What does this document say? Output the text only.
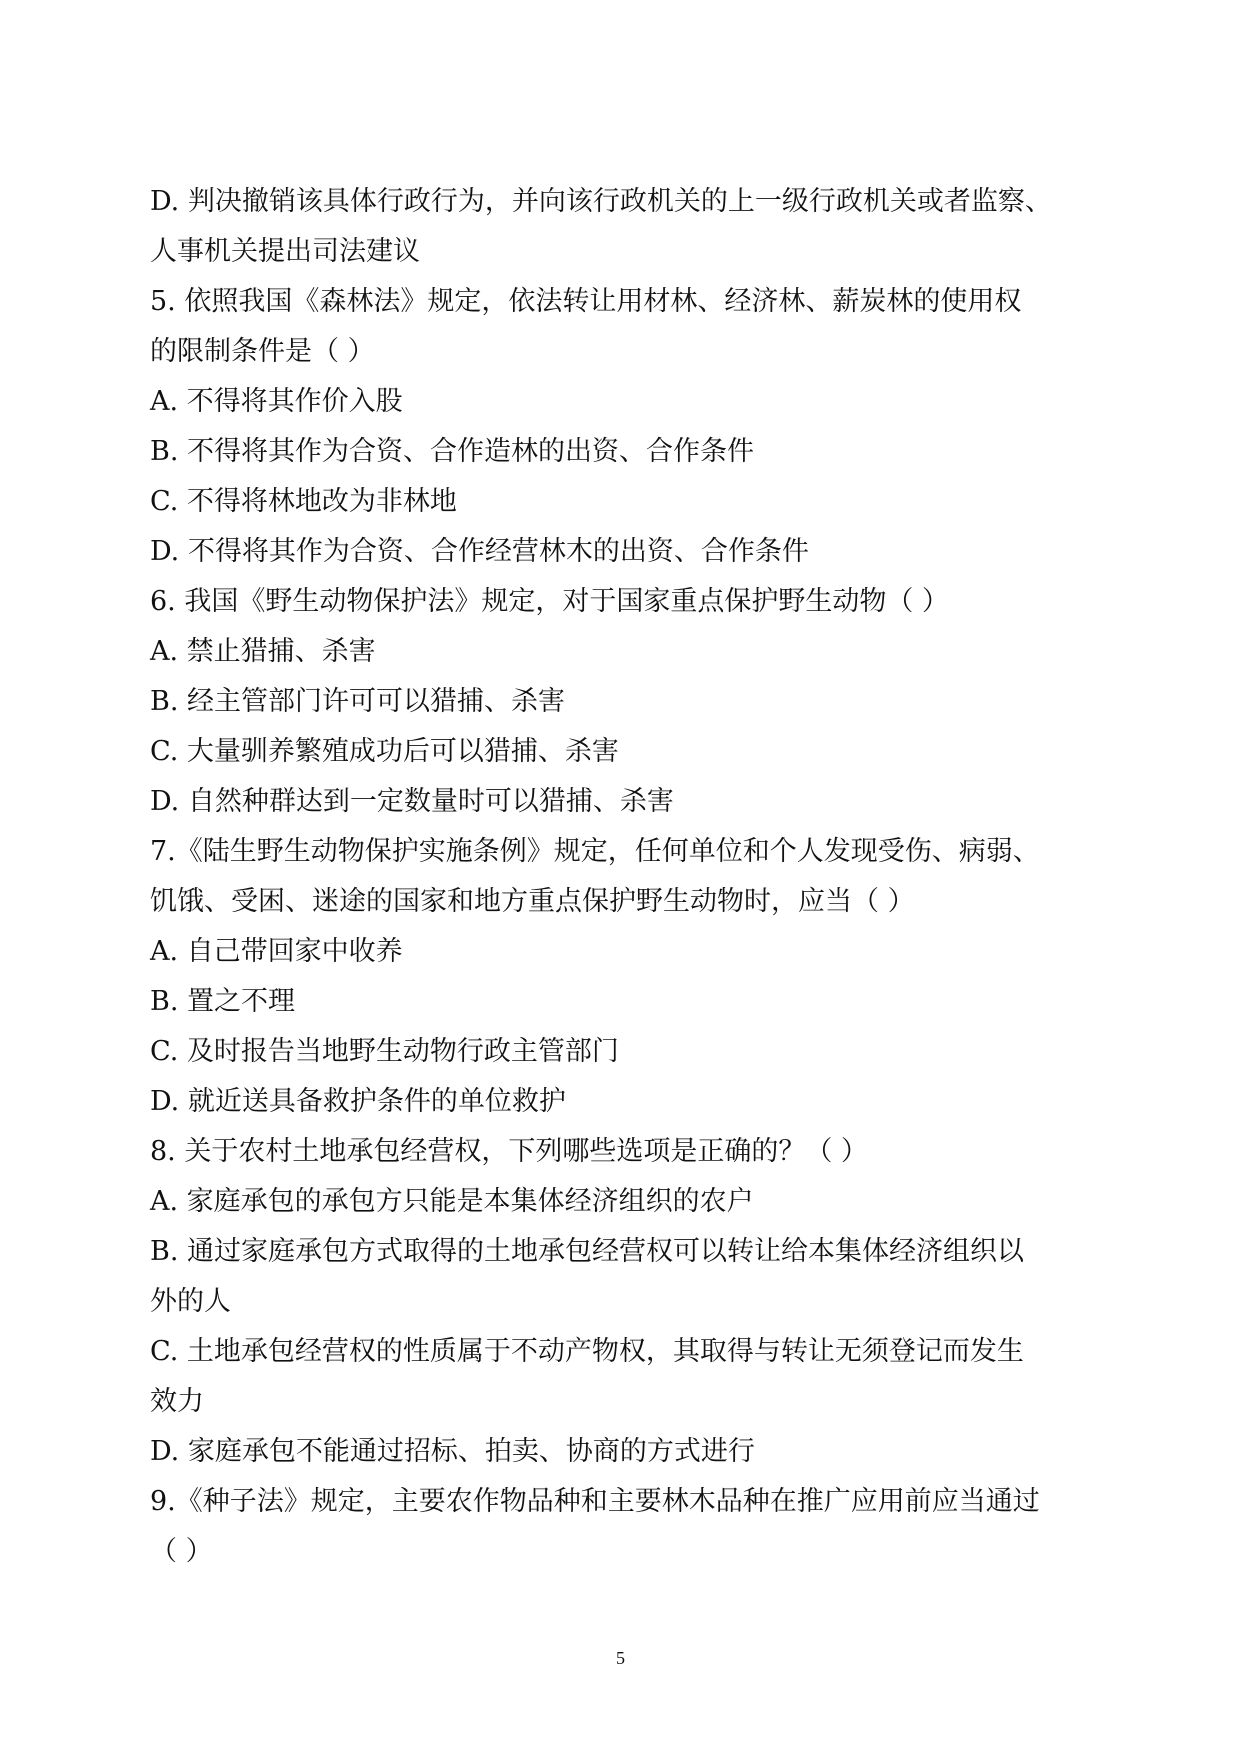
D. 判决撤销该具体行政行为，并向该行政机关的上一级行政机关或者监察、
人事机关提出司法建议
5. 依照我国《森林法》规定，依法转让用材林、经济林、薪炭林的使用权
的限制条件是（ ）
A. 不得将其作价入股
B. 不得将其作为合资、合作造林的出资、合作条件
C. 不得将林地改为非林地
D. 不得将其作为合资、合作经营林木的出资、合作条件
6. 我国《野生动物保护法》规定，对于国家重点保护野生动物（ ）
A. 禁止猎捕、杀害
B. 经主管部门许可可以猎捕、杀害
C. 大量驯养繁殖成功后可以猎捕、杀害
D. 自然种群达到一定数量时可以猎捕、杀害
7.《陆生野生动物保护实施条例》规定，任何单位和个人发现受伤、病弱、
饥饿、受困、迷途的国家和地方重点保护野生动物时，应当（ ）
A. 自己带回家中收养
B. 置之不理
C. 及时报告当地野生动物行政主管部门
D. 就近送具备救护条件的单位救护
8. 关于农村土地承包经营权，下列哪些选项是正确的？（ ）
A. 家庭承包的承包方只能是本集体经济组织的农户
B. 通过家庭承包方式取得的土地承包经营权可以转让给本集体经济组织以
外的人
C. 土地承包经营权的性质属于不动产物权，其取得与转让无须登记而发生
效力
D. 家庭承包不能通过招标、拍卖、协商的方式进行
9.《种子法》规定，主要农作物品种和主要林木品种在推广应用前应当通过
（ ）
5
